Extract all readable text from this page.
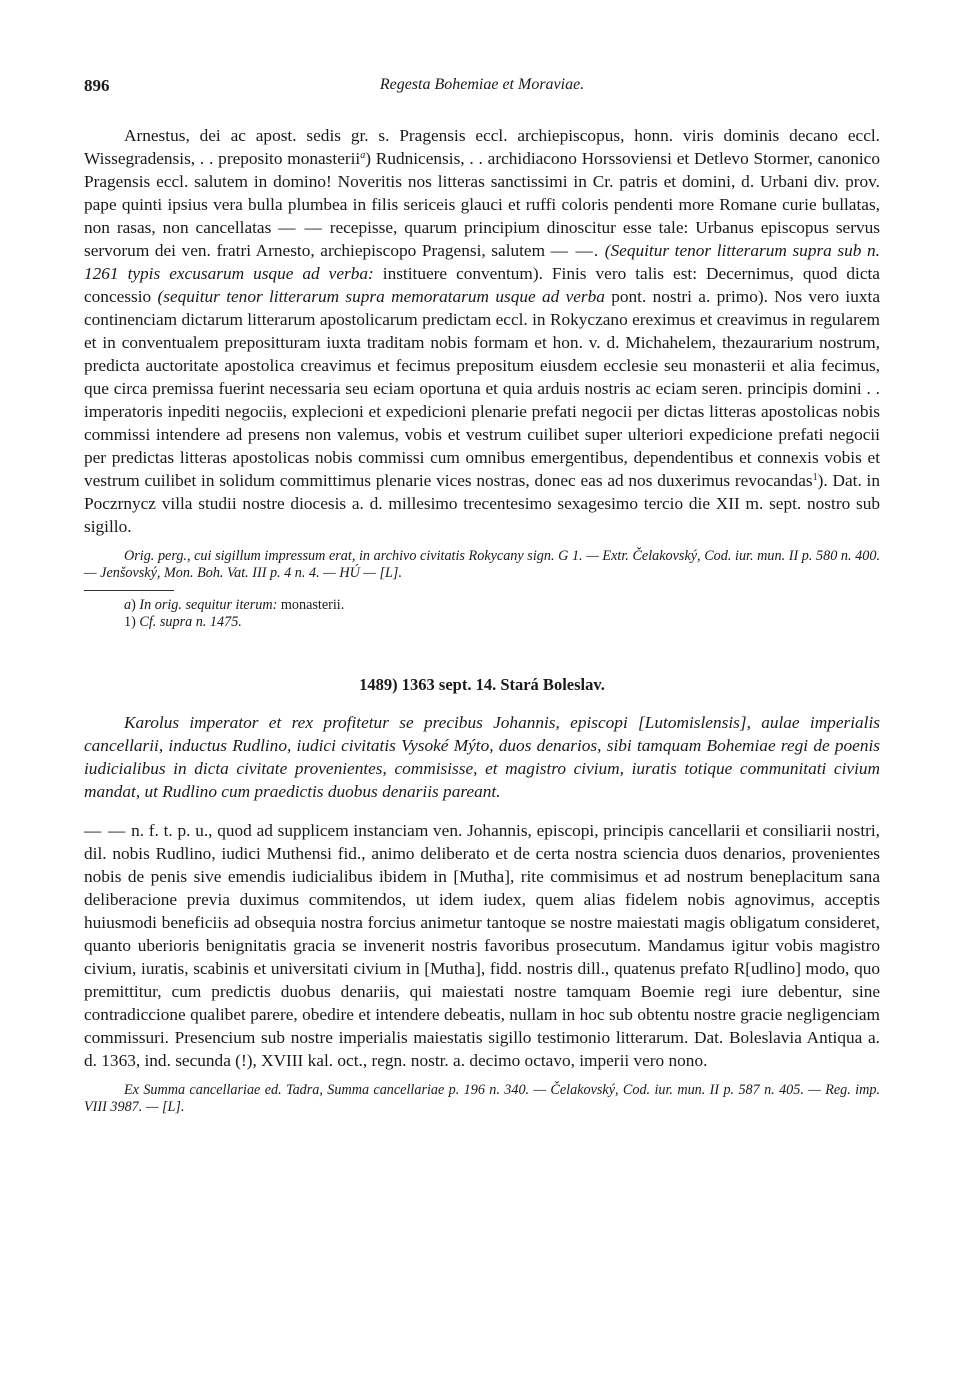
896	Regesta Bohemiae et Moraviae.

Arnestus, dei ac apost. sedis gr. s. Pragensis eccl. archiepiscopus, honn. viris dominis decano eccl. Wissegradensis, . . preposito monasterii$^a$) Rudnicensis, . . archidiacono Horssoviensi et Detlevo Stormer, canonico Pragensis eccl. salutem in domino! Noveritis nos litteras sanctissimi in Cr. patris et domini, d. Urbani div. prov. pape quinti ipsius vera bulla plumbea in filis sericeis glauci et ruffi coloris pendenti more Romane curie bullatas, non rasas, non cancellatas — — recepisse, quarum principium dinoscitur esse tale: Urbanus episcopus servus servorum dei ven. fratri Arnesto, archiepiscopo Pragensi, salutem — —. (Sequitur tenor litterarum supra sub n. 1261 typis excusarum usque ad verba: instituere conventum). Finis vero talis est: Decernimus, quod dicta concessio (sequitur tenor litterarum supra memoratarum usque ad verba pont. nostri a. primo). Nos vero iuxta continenciam dictarum litterarum apostolicarum predictam eccl. in Rokyczano ereximus et creavimus in regularem et in conventualem prepositturam iuxta traditam nobis formam et hon. v. d. Michahelem, thezaurarium nostrum, predicta auctoritate apostolica creavimus et fecimus prepositum eiusdem ecclesie seu monasterii et alia fecimus, que circa premissa fuerint necessaria seu eciam oportuna et quia arduis nostris ac eciam seren. principis domini . . imperatoris inpediti negociis, explecioni et expedicioni plenarie prefati negocii per dictas litteras apostolicas nobis commissi intendere ad presens non valemus, vobis et vestrum cuilibet super ulteriori expedicione prefati negocii per predictas litteras apostolicas nobis commissi cum omnibus emergentibus, dependentibus et connexis vobis et vestrum cuilibet in solidum committimus plenarie vices nostras, donec eas ad nos duxerimus revocandas$^1$). Dat. in Poczrnycz villa studii nostre diocesis a. d. millesimo trecentesimo sexagesimo tercio die XII m. sept. nostro sub sigillo.

Orig. perg., cui sigillum impressum erat, in archivo civitatis Rokycany sign. G 1. — Extr. Čelakovský, Cod. iur. mun. II p. 580 n. 400. — Jenšovský, Mon. Boh. Vat. III p. 4 n. 4. — HÚ — [L].

a) In orig. sequitur iterum: monasterii.

1) Cf. supra n. 1475.

1489) 1363 sept. 14. Stará Boleslav.

Karolus imperator et rex profitetur se precibus Johannis, episcopi [Lutomislensis], aulae imperialis cancellarii, inductus Rudlino, iudici civitatis Vysoké Mýto, duos denarios, sibi tamquam Bohemiae regi de poenis iudicialibus in dicta civitate provenientes, commisisse, et magistro civium, iuratis totique communitati civium mandat, ut Rudlino cum praedictis duobus denariis pareant.

— — n. f. t. p. u., quod ad supplicem instanciam ven. Johannis, episcopi, principis cancellarii et consiliarii nostri, dil. nobis Rudlino, iudici Muthensi fid., animo deliberato et de certa nostra sciencia duos denarios, provenientes nobis de penis sive emendis iudicialibus ibidem in [Mutha], rite commisimus et ad nostrum beneplacitum sana deliberacione previa duximus commitendos, ut idem iudex, quem alias fidelem nobis agnovimus, acceptis huiusmodi beneficiis ad obsequia nostra forcius animetur tantoque se nostre maiestati magis obligatum consideret, quanto uberioris benignitatis gracia se invenerit nostris favoribus prosecutum. Mandamus igitur vobis magistro civium, iuratis, scabinis et universitati civium in [Mutha], fidd. nostris dill., quatenus prefato R[udlino] modo, quo premittitur, cum predictis duobus denariis, qui maiestati nostre tamquam Boemie regi iure debentur, sine contradiccione qualibet parere, obedire et intendere debeatis, nullam in hoc sub obtentu nostre gracie negligenciam commissuri. Presencium sub nostre imperialis maiestatis sigillo testimonio litterarum. Dat. Boleslavia Antiqua a. d. 1363, ind. secunda (!), XVIII kal. oct., regn. nostr. a. decimo octavo, imperii vero nono.

Ex Summa cancellariae ed. Tadra, Summa cancellariae p. 196 n. 340. — Čelakovský, Cod. iur. mun. II p. 587 n. 405. — Reg. imp. VIII 3987. — [L].
